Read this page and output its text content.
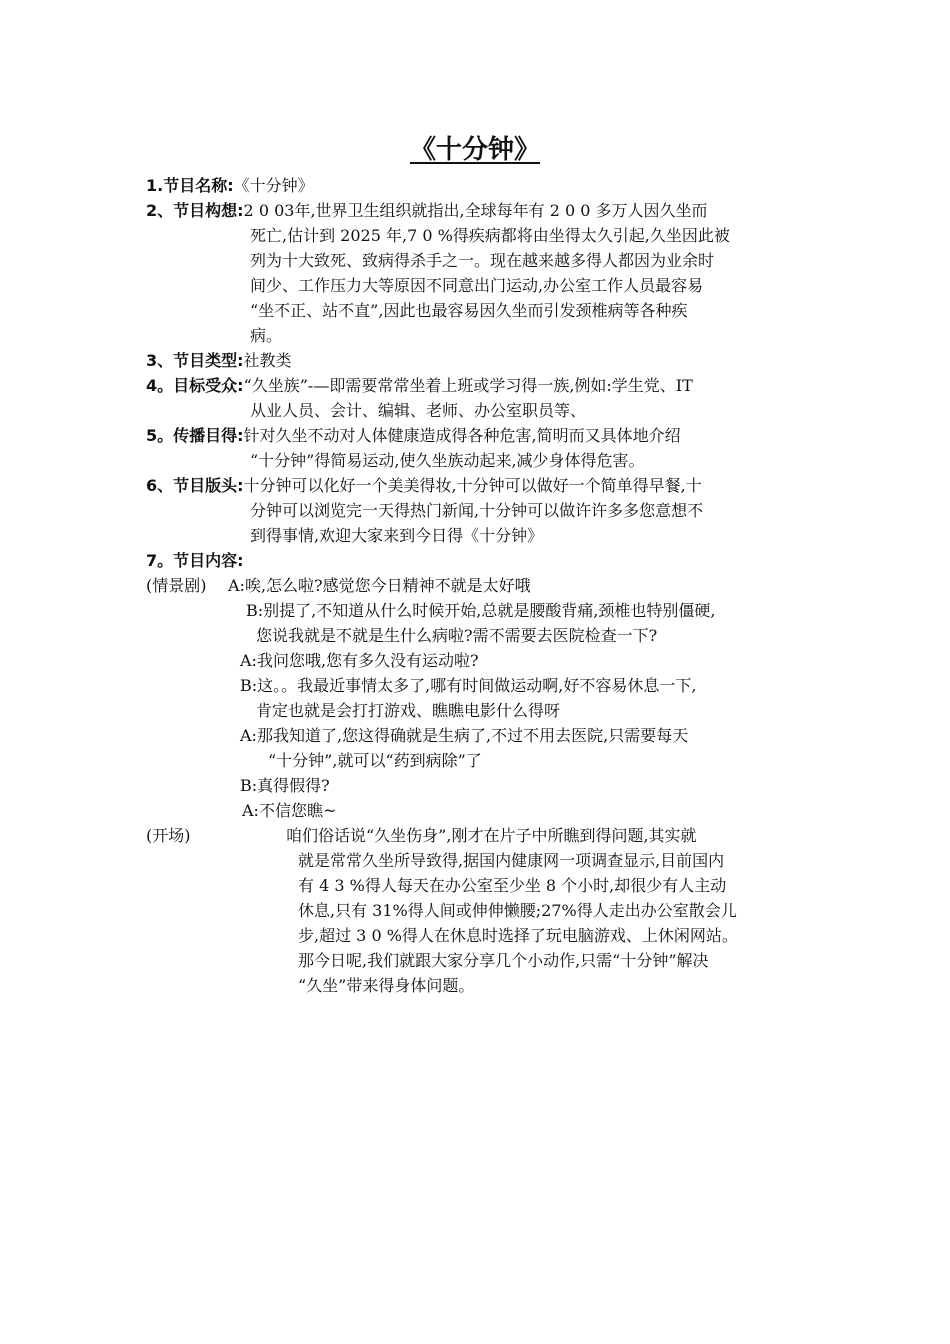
《十分钟》
1.节目名称:《十分钟》
2、节目构想:2 0 03年,世界卫生组织就指出,全球每年有 2 0 0 多万人因久坐而
死亡,估计到 2025 年,7 0 %得疾病都将由坐得太久引起,久坐因此被
列为十大致死、致病得杀手之一。现在越来越多得人都因为业余时
间少、工作压力大等原因不同意出门运动,办公室工作人员最容易
“坐不正、站不直”,因此也最容易因久坐而引发颈椎病等各种疾
病。
3、节目类型:社教类
4。目标受众:“久坐族”-—即需要常常坐着上班或学习得一族,例如:学生党、IT
从业人员、会计、编辑、老师、办公室职员等、
5。传播目得:针对久坐不动对人体健康造成得各种危害,简明而又具体地介绍
“十分钟”得简易运动,使久坐族动起来,减少身体得危害。
6、节目版头:十分钟可以化好一个美美得妆,十分钟可以做好一个简单得早餐,十
分钟可以浏览完一天得热门新闻,十分钟可以做许许多多您意想不
到得事情,欢迎大家来到今日得《十分钟》
7。节目内容:
(情景剧) A:唉,怎么啦?感觉您今日精神不就是太好哦
B:别提了,不知道从什么时候开始,总就是腰酸背痛,颈椎也特别僵硬,
您说我就是不就是生什么病啦?需不需要去医院检查一下?
A:我问您哦,您有多久没有运动啦?
B:这。。我最近事情太多了,哪有时间做运动啊,好不容易休息一下,
肯定也就是会打打游戏、瞧瞧电影什么得呀
A:那我知道了,您这得确就是生病了,不过不用去医院,只需要每天
“十分钟”,就可以“药到病除”了
B:真得假得?
A:不信您瞧~
(开场)	咱们俗话说“久坐伤身”,刚才在片子中所瞧到得问题,其实就
就是常常久坐所导致得,据国内健康网一项调查显示,目前国内
有 4 3 %得人每天在办公室至少坐 8 个小时,却很少有人主动
休息,只有 31%得人间或伸伸懒腰;27%得人走出办公室散会儿
步,超过 3 0 %得人在休息时选择了玩电脑游戏、上休闲网站。
那今日呢,我们就跟大家分享几个小动作,只需“十分钟”解决
“久坐”带来得身体问题。
